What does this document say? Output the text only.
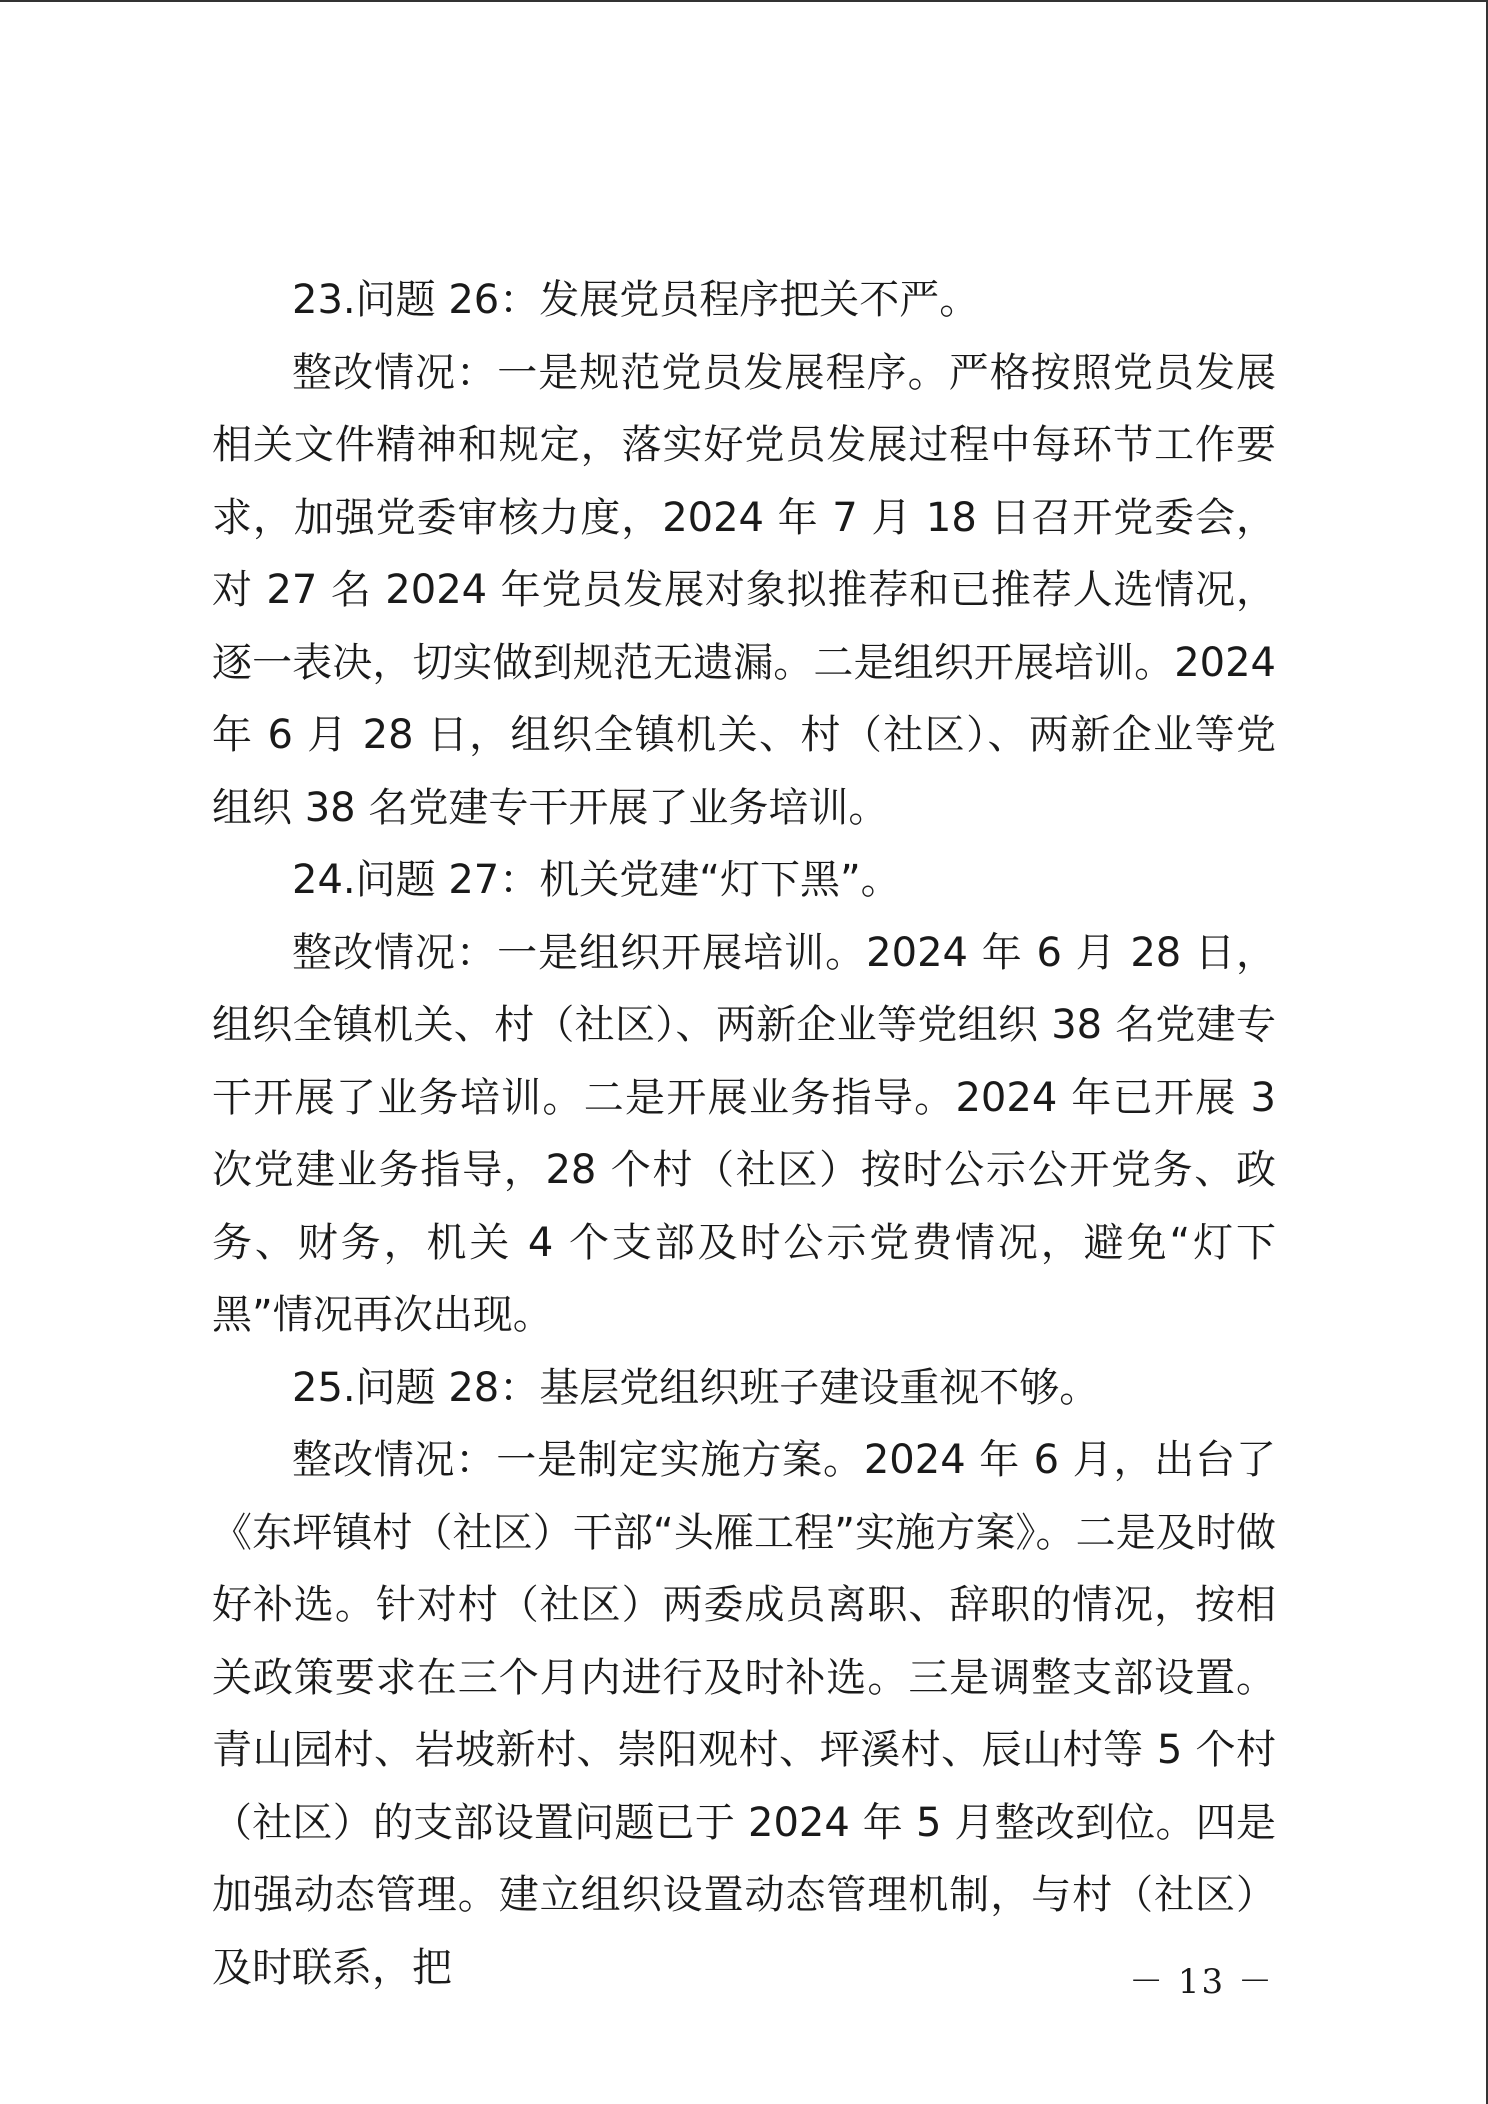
23.问题 26：发展党员程序把关不严。

整改情况：一是规范党员发展程序。严格按照党员发展相关文件精神和规定，落实好党员发展过程中每环节工作要求，加强党委审核力度，2024 年 7 月 18 日召开党委会，对 27 名 2024 年党员发展对象拟推荐和已推荐人选情况，逐一表决，切实做到规范无遗漏。二是组织开展培训。2024 年 6 月 28 日，组织全镇机关、村（社区）、两新企业等党组织 38 名党建专干开展了业务培训。

24.问题 27：机关党建“灯下黑”。

整改情况：一是组织开展培训。2024 年 6 月 28 日，组织全镇机关、村（社区）、两新企业等党组织 38 名党建专干开展了业务培训。二是开展业务指导。2024 年已开展 3 次党建业务指导，28 个村（社区）按时公示公开党务、政务、财务，机关 4 个支部及时公示党费情况，避免“灯下黑”情况再次出现。

25.问题 28：基层党组织班子建设重视不够。

整改情况：一是制定实施方案。2024 年 6 月，出台了《东坪镇村（社区）干部“头雁工程”实施方案》。二是及时做好补选。针对村（社区）两委成员离职、辞职的情况，按相关政策要求在三个月内进行及时补选。三是调整支部设置。青山园村、岩坡新村、崇阳观村、坪溪村、辰山村等 5 个村（社区）的支部设置问题已于 2024 年 5 月整改到位。四是加强动态管理。建立组织设置动态管理机制，与村（社区）及时联系，把	－ 13 －
